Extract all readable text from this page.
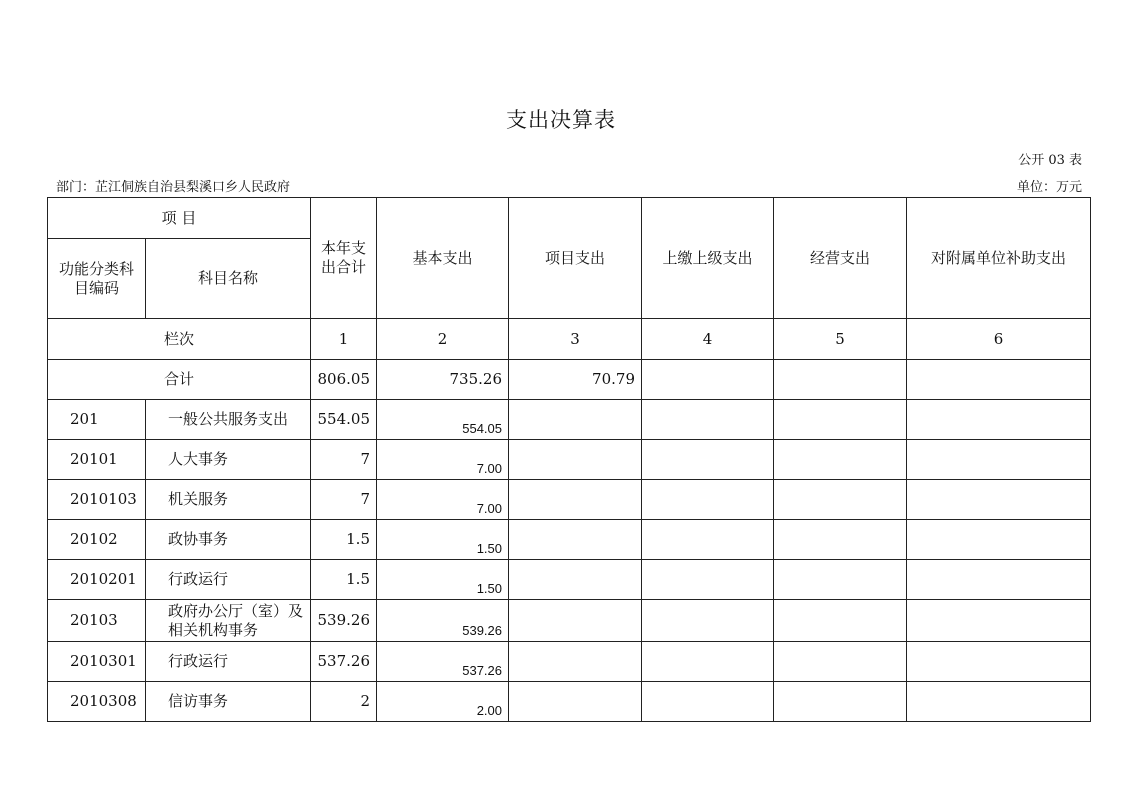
支出决算表
公开 03 表
部门：芷江侗族自治县梨溪口乡人民政府	单位：万元
项 目		本年支出合计	基本支出	项目支出	上缴上级支出	经营支出	对附属单位补助支出
功能分类科目编码	科目名称						
栏次		1	2	3	4	5	6
合计		806.05	735.26	70.79			
201	一般公共服务支出	554.05	554.05				
20101	人大事务	7	7.00				
2010103	机关服务	7	7.00				
20102	政协事务	1.5	1.50				
2010201	行政运行	1.5	1.50				
20103	政府办公厅（室）及相关机构事务	539.26	539.26				
2010301	行政运行	537.26	537.26				
2010308	信访事务	2	2.00				
